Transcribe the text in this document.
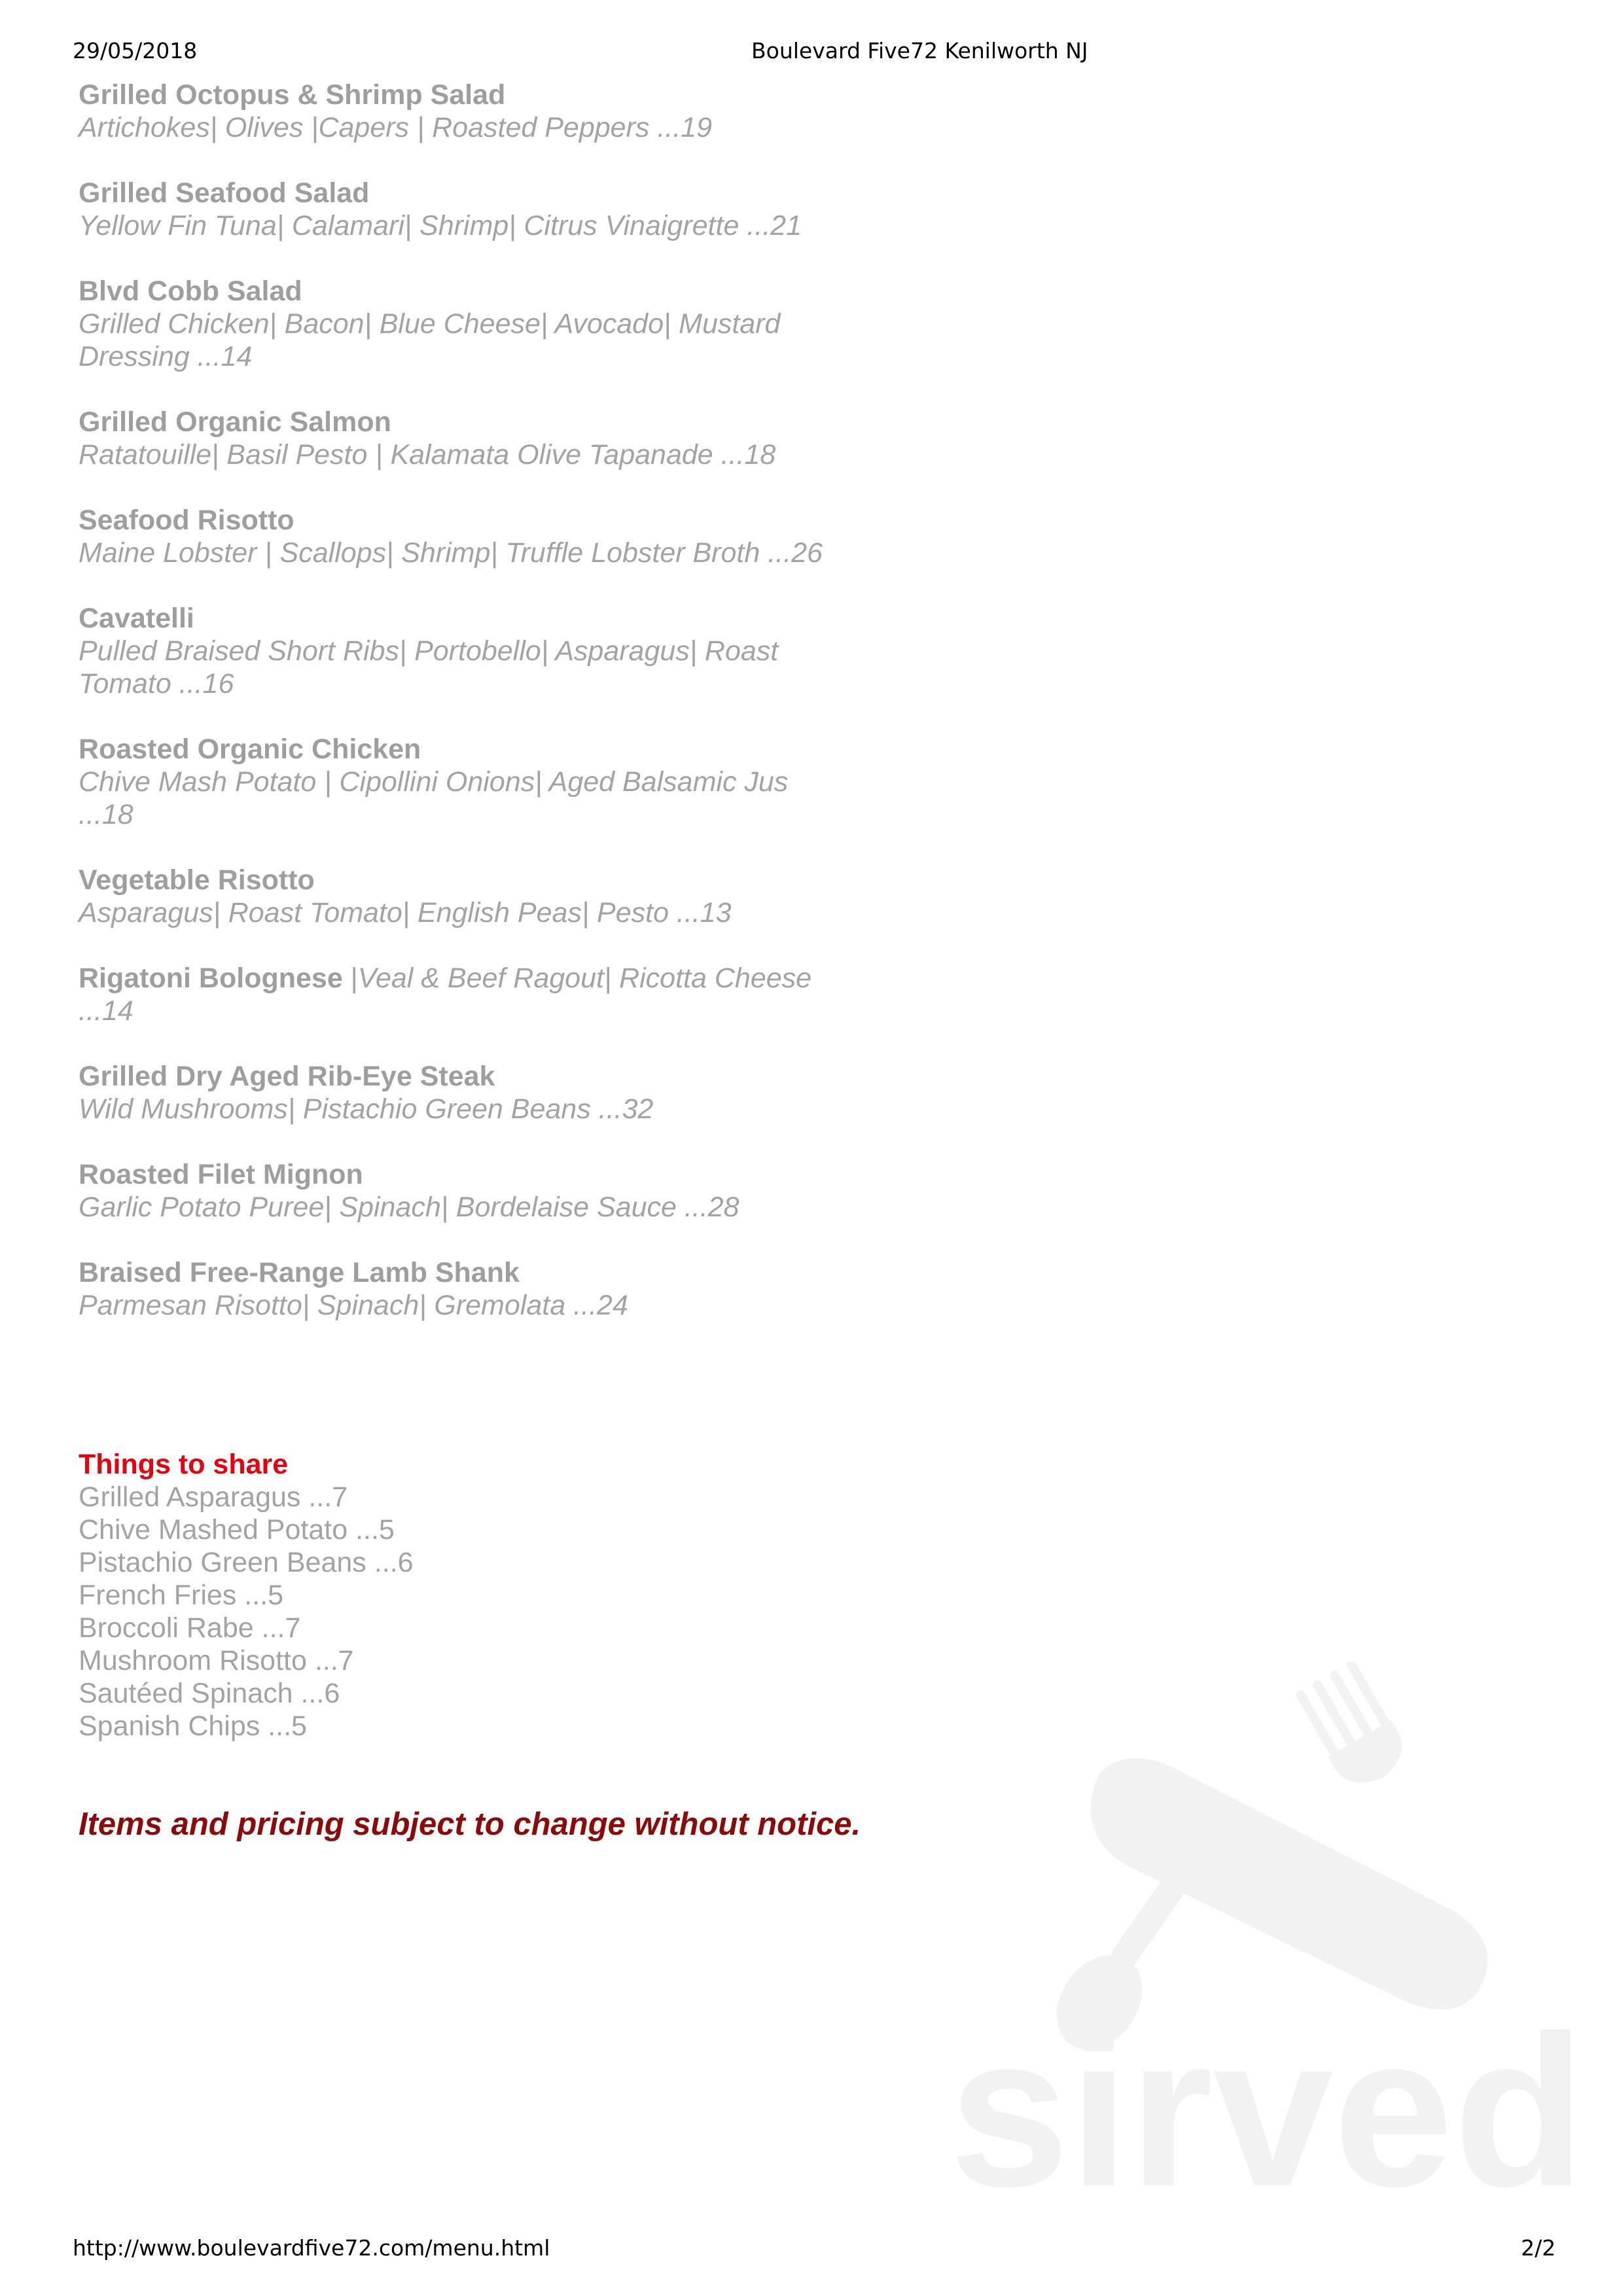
29/05/2018	Boulevard Five72 Kenilworth NJ
Grilled Octopus & Shrimp Salad
Artichokes| Olives |Capers | Roasted Peppers ...19
Grilled Seafood Salad
Yellow Fin Tuna| Calamari| Shrimp| Citrus Vinaigrette ...21
Blvd Cobb Salad
Grilled Chicken| Bacon| Blue Cheese| Avocado| Mustard Dressing ...14
Grilled Organic Salmon
Ratatouille| Basil Pesto | Kalamata Olive Tapanade ...18
Seafood Risotto
Maine Lobster | Scallops| Shrimp| Truffle Lobster Broth ...26
Cavatelli
Pulled Braised Short Ribs| Portobello| Asparagus| Roast Tomato ...16
Roasted Organic Chicken
Chive Mash Potato | Cipollini Onions| Aged Balsamic Jus ...18
Vegetable Risotto
Asparagus| Roast Tomato| English Peas| Pesto ...13
Rigatoni Bolognese |Veal & Beef Ragout| Ricotta Cheese ...14
Grilled Dry Aged Rib-Eye Steak
Wild Mushrooms| Pistachio Green Beans ...32
Roasted Filet Mignon
Garlic Potato Puree| Spinach| Bordelaise Sauce ...28
Braised Free-Range Lamb Shank
Parmesan Risotto| Spinach| Gremolata ...24
Things to share
Grilled Asparagus ...7
Chive Mashed Potato ...5
Pistachio Green Beans ...6
French Fries ...5
Broccoli Rabe ...7
Mushroom Risotto ...7
Sautéed Spinach ...6
Spanish Chips ...5
Items and pricing subject to change without notice.
sirved
http://www.boulevardfive72.com/menu.html	2/2
